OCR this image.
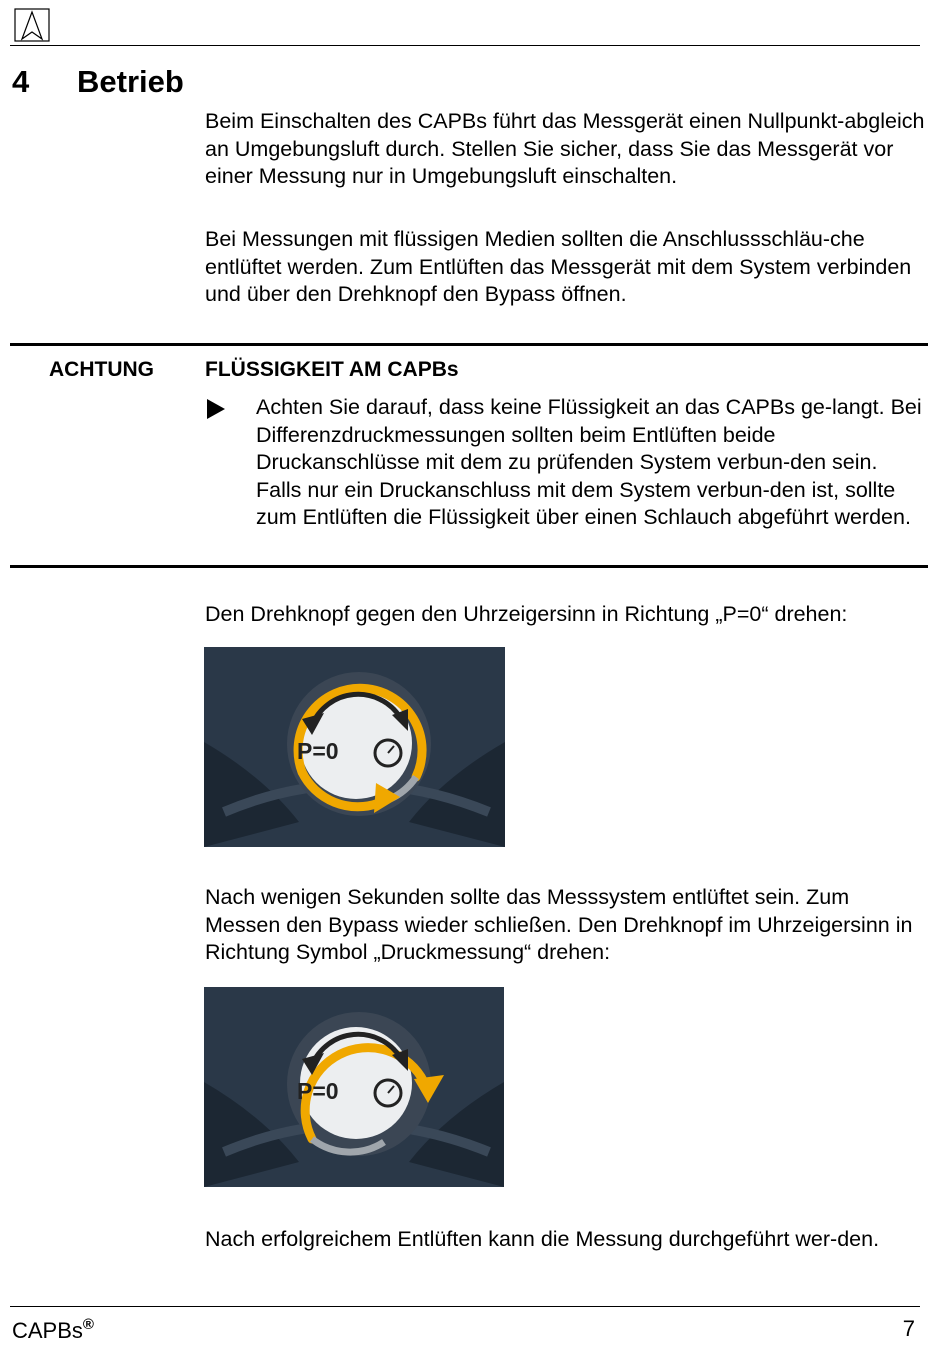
4 Betrieb

Beim Einschalten des CAPBs führt das Messgerät einen Nullpunkt-abgleich an Umgebungsluft durch. Stellen Sie sicher, dass Sie das Messgerät vor einer Messung nur in Umgebungsluft einschalten.

Bei Messungen mit flüssigen Medien sollten die Anschlussschläu-che entlüftet werden. Zum Entlüften das Messgerät mit dem System verbinden und über den Drehknopf den Bypass öffnen.

ACHTUNG FLÜSSIGKEIT AM CAPBs

Achten Sie darauf, dass keine Flüssigkeit an das CAPBs ge-langt. Bei Differenzdruckmessungen sollten beim Entlüften beide Druckanschlüsse mit dem zu prüfenden System verbun-den sein. Falls nur ein Druckanschluss mit dem System verbun-den ist, sollte zum Entlüften die Flüssigkeit über einen Schlauch abgeführt werden.

Den Drehknopf gegen den Uhrzeigersinn in Richtung „P=0“ drehen:

P=0

Nach wenigen Sekunden sollte das Messsystem entlüftet sein. Zum Messen den Bypass wieder schließen. Den Drehknopf im Uhrzeigersinn in Richtung Symbol „Druckmessung“ drehen:

P=0

Nach erfolgreichem Entlüften kann die Messung durchgeführt wer-den.

CAPBs®	7
